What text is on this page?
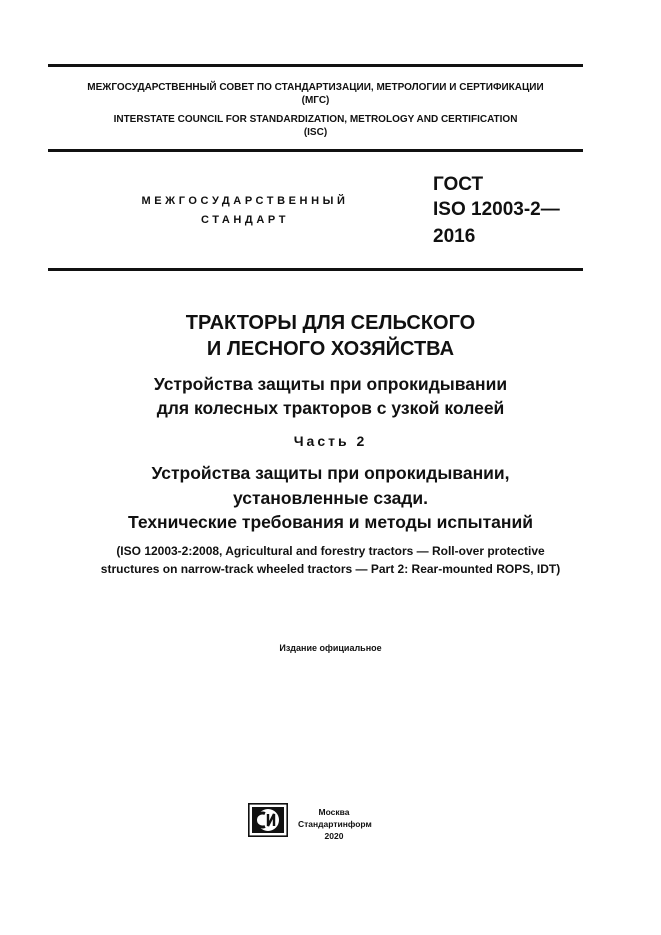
МЕЖГОСУДАРСТВЕННЫЙ СОВЕТ ПО СТАНДАРТИЗАЦИИ, МЕТРОЛОГИИ И СЕРТИФИКАЦИИ
(МГС)
INTERSTATE COUNCIL FOR STANDARDIZATION, METROLOGY AND CERTIFICATION
(ISC)
МЕЖГОСУДАРСТВЕННЫЙ
СТАНДАРТ
ГОСТ
ISO 12003-2—
2016
ТРАКТОРЫ ДЛЯ СЕЛЬСКОГО
И ЛЕСНОГО ХОЗЯЙСТВА
Устройства защиты при опрокидывании
для колесных тракторов с узкой колеей
Часть 2
Устройства защиты при опрокидывании,
установленные сзади.
Технические требования и методы испытаний
(ISO 12003-2:2008, Agricultural and forestry tractors — Roll-over protective
structures on narrow-track wheeled tractors — Part 2: Rear-mounted ROPS, IDT)
Издание официальное
Москва
Стандартинформ
2020
